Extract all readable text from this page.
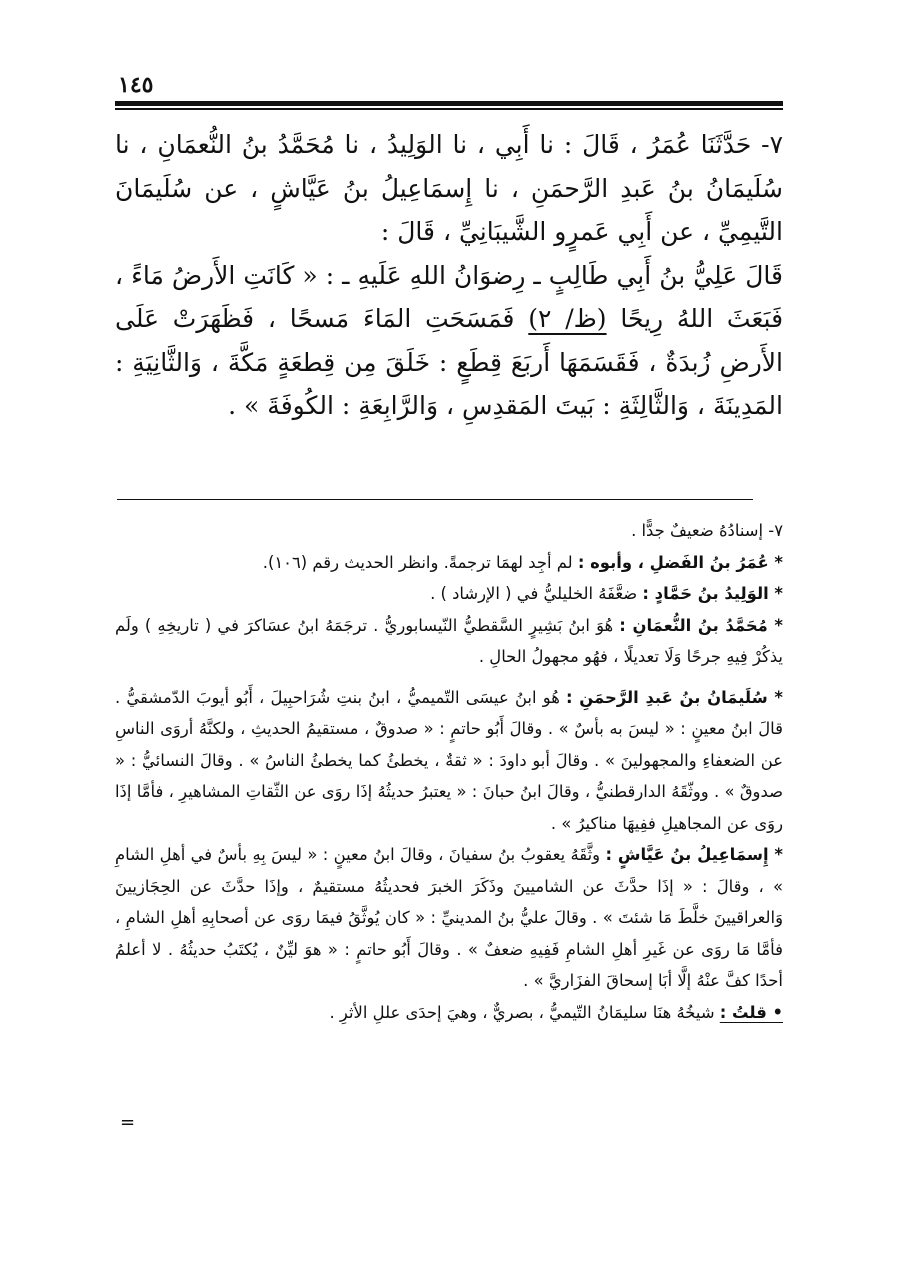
١٤٥

٧- حَدَّثَنَا عُمَرُ ، قَالَ : نا أَبِي ، نا الوَلِيدُ ، نا مُحَمَّدُ بنُ النُّعمَانِ ، نا سُلَيمَانُ بنُ عَبدِ الرَّحمَنِ ، نا إِسمَاعِيلُ بنُ عَيَّاشٍ ، عن سُلَيمَانَ التَّيمِيِّ ، عن أَبِي عَمرٍو الشَّيبَانِيِّ ، قَالَ :

قَالَ عَلِيُّ بنُ أَبِي طَالِبٍ ـ رِضوَانُ اللهِ عَلَيهِ ـ : « كَانَتِ الأَرضُ مَاءً ، فَبَعَثَ اللهُ رِيحًا (ظ/ ٢) فَمَسَحَتِ المَاءَ مَسحًا ، فَظَهَرَتْ عَلَى الأَرضِ زُبدَةٌ ، فَقَسَمَهَا أَربَعَ قِطَعٍ : خَلَقَ مِن قِطعَةٍ مَكَّةَ ، وَالثَّانِيَةِ : المَدِينَةَ ، وَالثَّالِثَةِ : بَيتَ المَقدِسِ ، وَالرَّابِعَةِ : الكُوفَةَ » .

٧- إسنادُهُ ضعيفٌ جدًّا .

* عُمَرُ بنُ الفَضلِ ، وأبوه : لم أجِد لهمَا ترجمةً. وانظر الحديث رقم (١٠٦).

* الوَلِيدُ بنُ حَمَّادٍ : ضعَّفَهُ الخليليُّ في ( الإرشاد ) .

* مُحَمَّدُ بنُ النُّعمَانِ : هُوَ ابنُ بَشِيرٍ السَّقطيُّ النّيسابوريُّ . ترجَمَهُ ابنُ عسَاكرَ في ( تاريخِهِ ) ولَم يذكُرْ فِيهِ جرحًا وَلَا تعديلًا ، فهُو مجهولُ الحالِ .

* سُلَيمَانُ بنُ عَبدِ الرَّحمَنِ : هُو ابنُ عيسَى التّميميُّ ، ابنُ بنتِ شُرَاحبِيلَ ، أَبُو أيوبَ الدّمشقيُّ . قالَ ابنُ معينٍ : « ليسَ به بأسٌ » . وقالَ أَبُو حاتمٍ : « صدوقٌ ، مستقيمُ الحديثِ ، ولكنَّهُ أروَى الناسِ عن الضعفاءِ والمجهولينَ » . وقالَ أبو داودَ : « ثقةٌ ، يخطئُ كما يخطئُ الناسُ » . وقالَ النسائيُّ : « صدوقٌ » . ووثّقَهُ الدارقطنيُّ ، وقالَ ابنُ حبانَ : « يعتبرُ حديثُهُ إذَا روَى عن الثّقاتِ المشاهيرِ ، فأمَّا إذَا روَى عن المجاهيلِ ففِيهَا مناكيرُ » .

* إِسمَاعِيلُ بنُ عَيَّاشٍ : وثَّقَهُ يعقوبُ بنُ سفيانَ ، وقالَ ابنُ معينٍ : « ليسَ بِهِ بأسٌ في أهلِ الشامِ » ، وقالَ : « إذَا حدَّثَ عن الشاميينَ وذَكَرَ الخبرَ فحديثُهُ مستقيمٌ ، وإذَا حدَّثَ عن الحِجَازيينَ وَالعراقيينَ خلَّطَ مَا شئتَ » . وقالَ عليُّ بنُ المدينيِّ : « كان يُوثَّقُ فيمَا روَى عن أصحابِهِ أهلِ الشامِ ، فأمَّا مَا روَى عن غَيرِ أهلِ الشامِ فَفِيهِ ضعفٌ » . وقالَ أَبُو حاتمٍ : « هوَ ليِّنٌ ، يُكتَبُ حديثُهُ . لا أعلمُ أحدًا كفَّ عنْهُ إلَّا أبَا إسحاقَ الفزَاريَّ » .

• قلتُ : شيخُهُ هنَا سليمَانُ التّيميُّ ، بصريٌّ ، وهيَ إحدَى عللِ الأثرِ .

=
